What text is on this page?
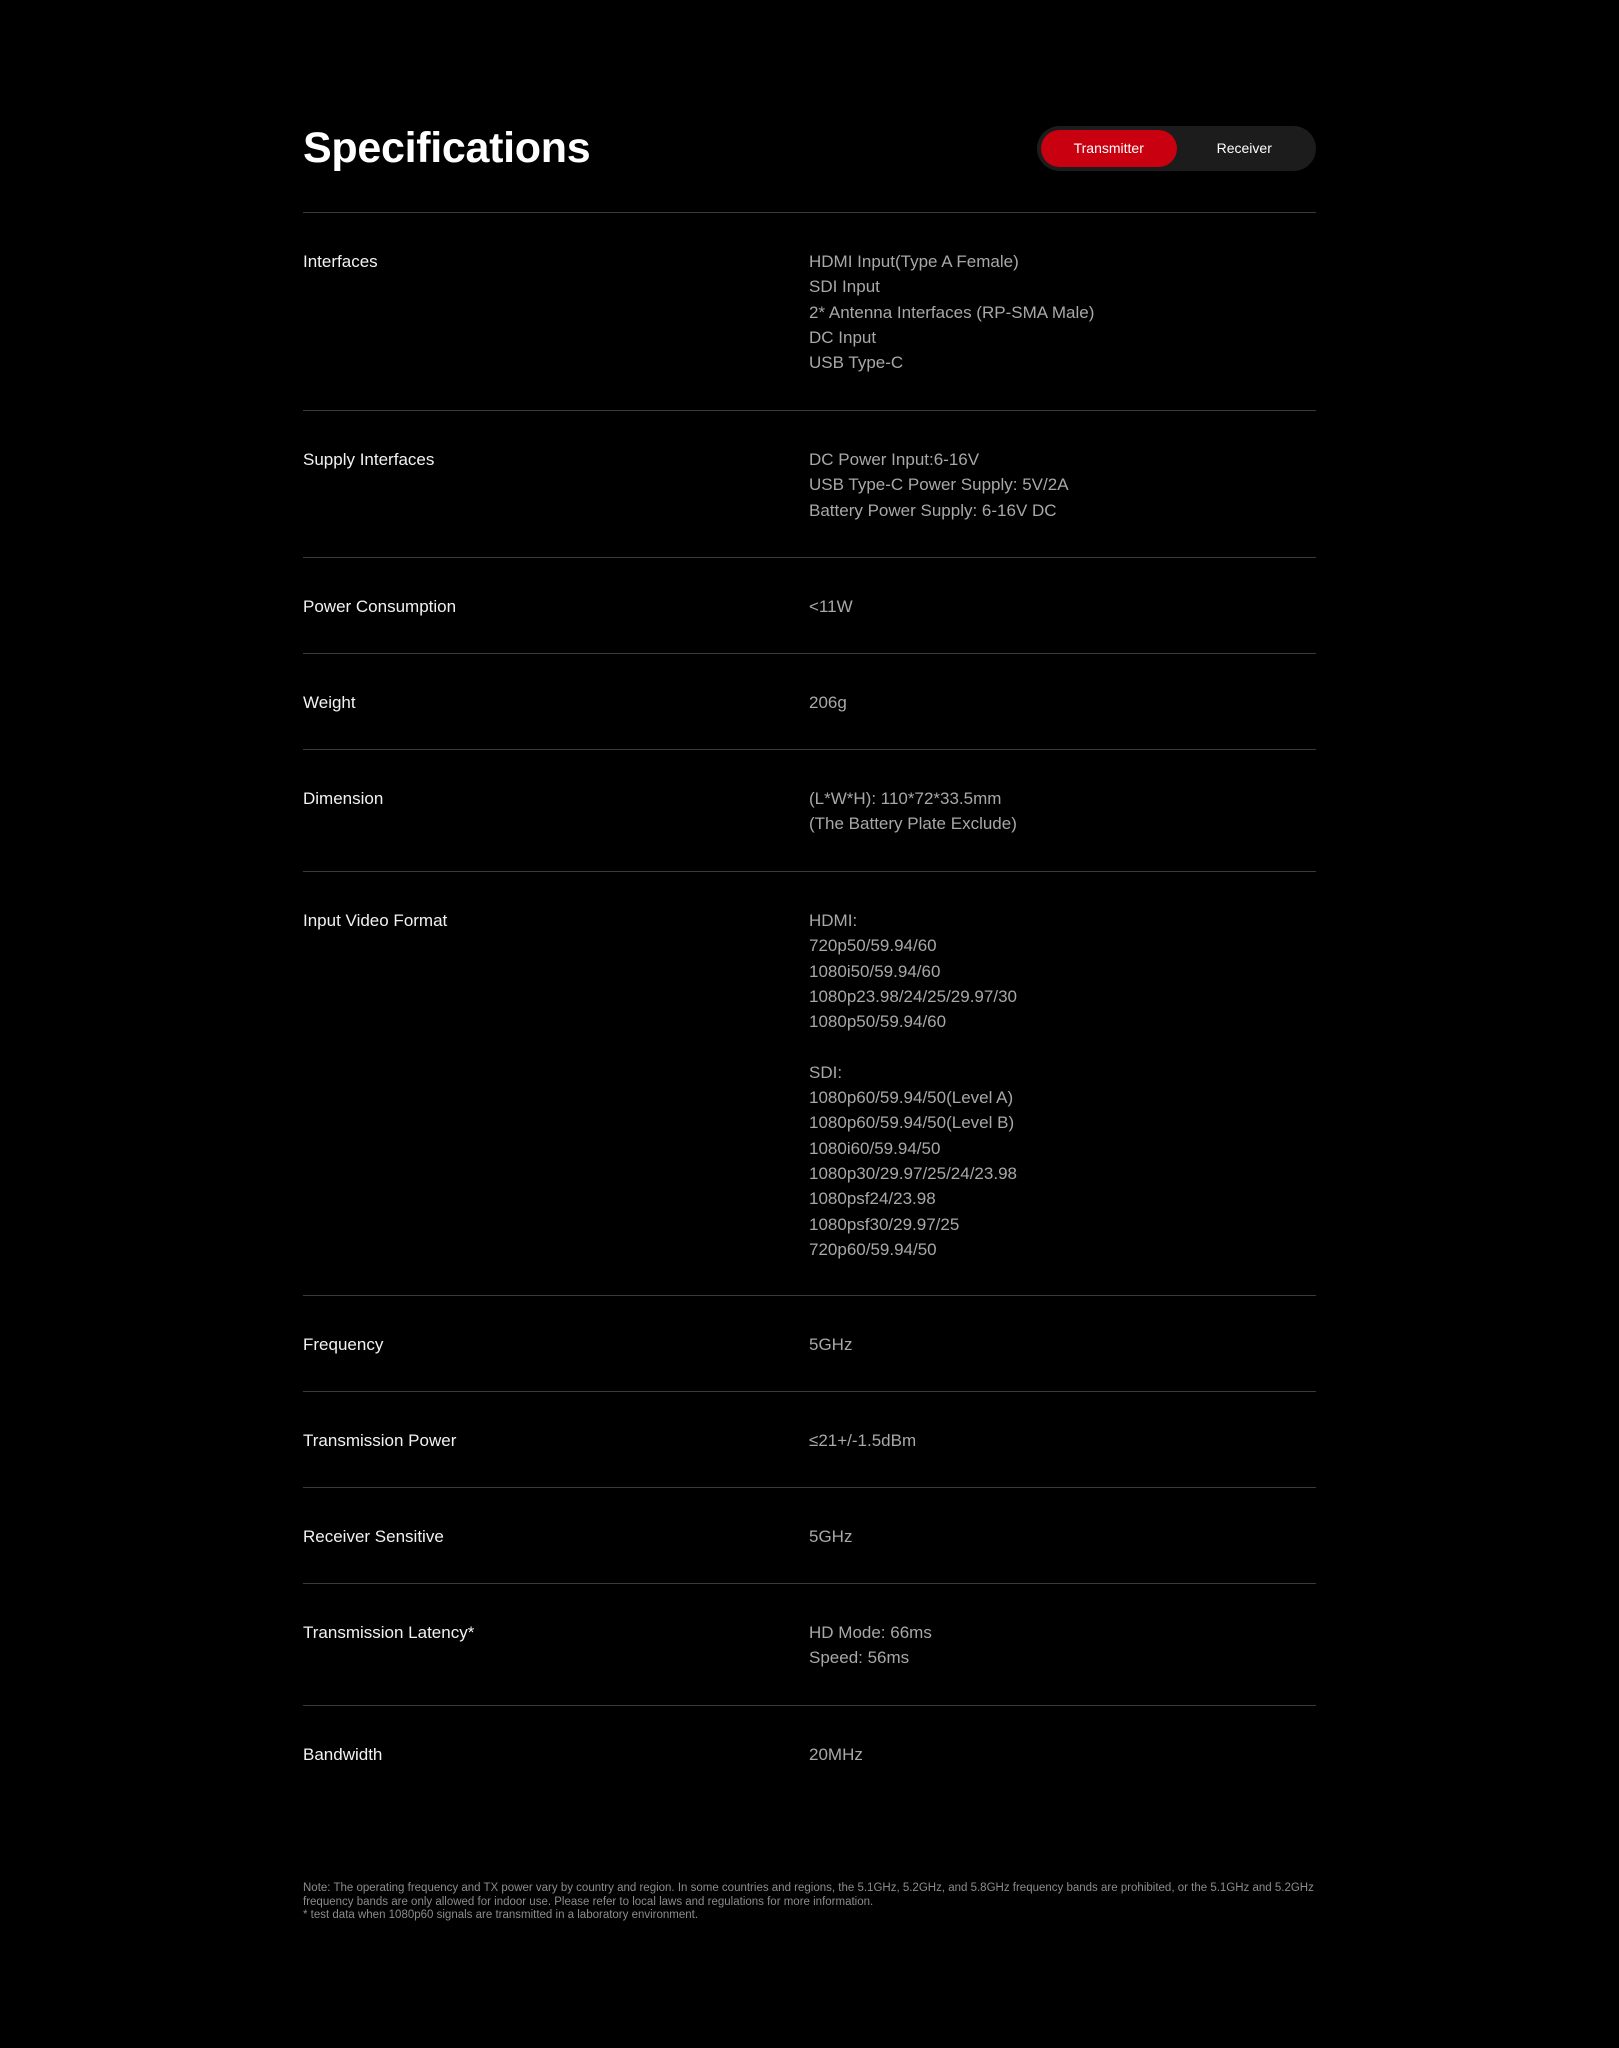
Specifications	Transmitter	Receiver
Interfaces	HDMI Input(Type A Female)
SDI Input
2* Antenna Interfaces (RP-SMA Male)
DC Input
USB Type-C
Supply Interfaces	DC Power Input:6-16V
USB Type-C Power Supply: 5V/2A
Battery Power Supply: 6-16V DC
Power Consumption	<11W
Weight	206g
Dimension	(L*W*H): 110*72*33.5mm
(The Battery Plate Exclude)
Input Video Format	HDMI:
720p50/59.94/60
1080i50/59.94/60
1080p23.98/24/25/29.97/30
1080p50/59.94/60
SDI:
1080p60/59.94/50(Level A)
1080p60/59.94/50(Level B)
1080i60/59.94/50
1080p30/29.97/25/24/23.98
1080psf24/23.98
1080psf30/29.97/25
720p60/59.94/50
Frequency	5GHz
Transmission Power	≤21+/-1.5dBm
Receiver Sensitive	5GHz
Transmission Latency*	HD Mode: 66ms
Speed: 56ms
Bandwidth	20MHz
Note: The operating frequency and TX power vary by country and region. In some countries and regions, the 5.1GHz, 5.2GHz, and 5.8GHz frequency bands are prohibited, or the 5.1GHz and 5.2GHz frequency bands are only allowed for indoor use. Please refer to local laws and regulations for more information.
* test data when 1080p60 signals are transmitted in a laboratory environment.
